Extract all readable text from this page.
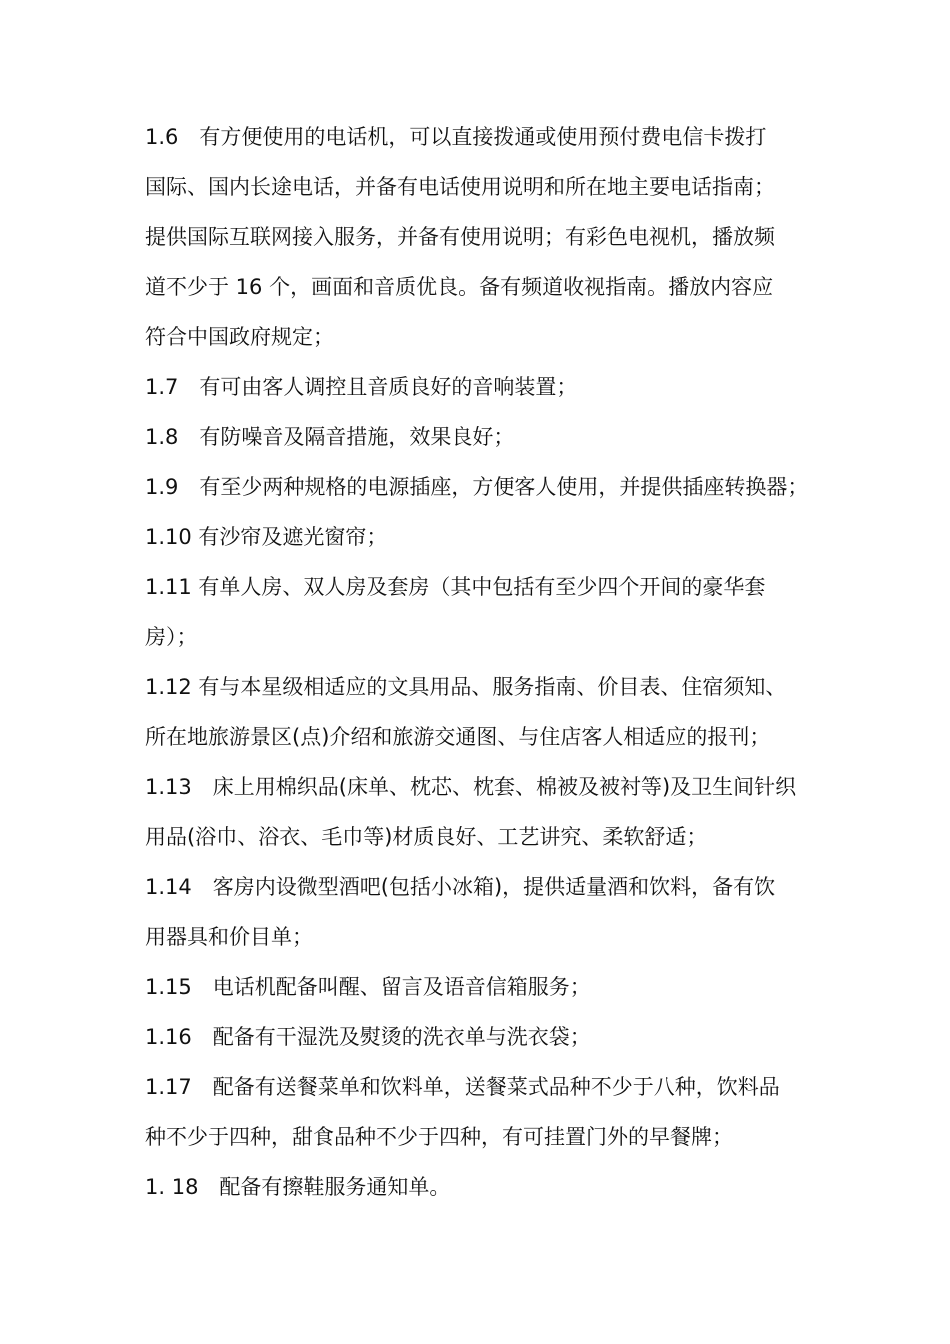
1.6　有方便使用的电话机，可以直接拨通或使用预付费电信卡拨打
国际、国内长途电话，并备有电话使用说明和所在地主要电话指南；
提供国际互联网接入服务，并备有使用说明；有彩色电视机，播放频
道不少于 16 个，画面和音质优良。备有频道收视指南。播放内容应
符合中国政府规定；
1.7　有可由客人调控且音质良好的音响装置；
1.8　有防噪音及隔音措施，效果良好；
1.9　有至少两种规格的电源插座，方便客人使用，并提供插座转换器；
1.10 有沙帘及遮光窗帘；
1.11 有单人房、双人房及套房（其中包括有至少四个开间的豪华套
房）；
1.12 有与本星级相适应的文具用品、服务指南、价目表、住宿须知、
所在地旅游景区(点)介绍和旅游交通图、与住店客人相适应的报刊；
1.13　床上用棉织品(床单、枕芯、枕套、棉被及被衬等)及卫生间针织
用品(浴巾、浴衣、毛巾等)材质良好、工艺讲究、柔软舒适；
1.14　客房内设微型酒吧(包括小冰箱)，提供适量酒和饮料，备有饮
用器具和价目单；
1.15　电话机配备叫醒、留言及语音信箱服务；
1.16　配备有干湿洗及熨烫的洗衣单与洗衣袋；
1.17　配备有送餐菜单和饮料单，送餐菜式品种不少于八种，饮料品
种不少于四种，甜食品种不少于四种，有可挂置门外的早餐牌；
1. 18　配备有擦鞋服务通知单。
